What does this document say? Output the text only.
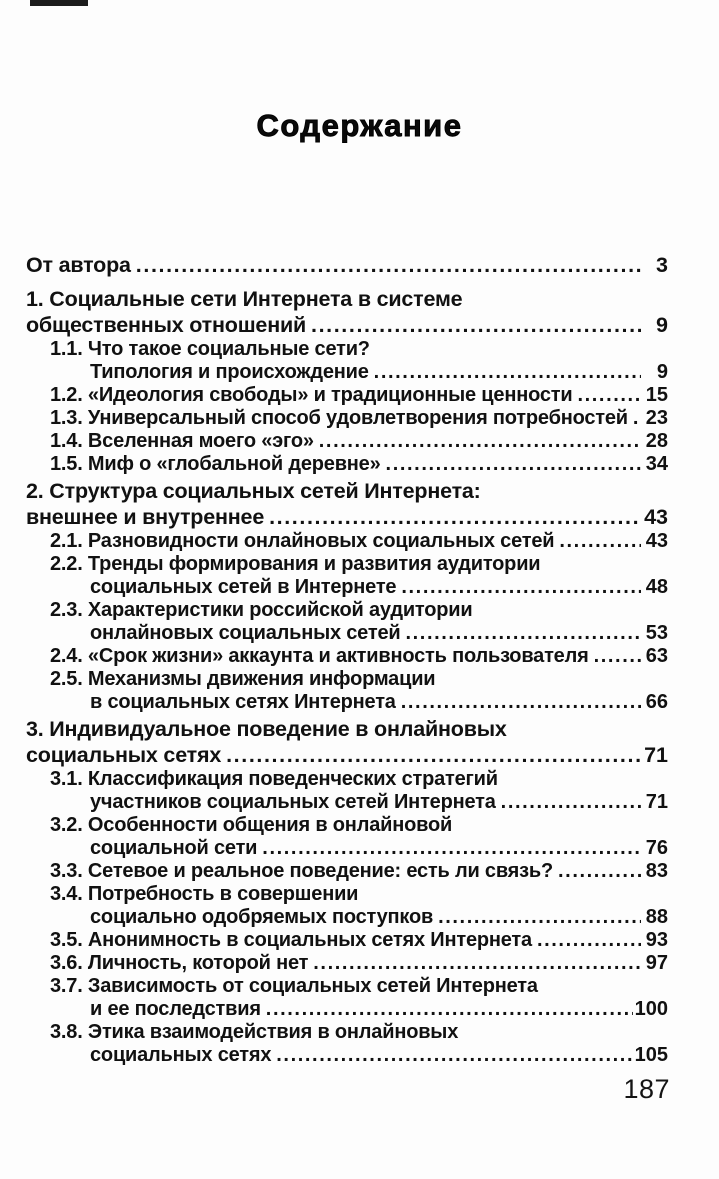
Содержание
От автора .....	3
1. Социальные сети Интернета в системе
общественных отношений .....	9
1.1. Что такое социальные сети?
Типология и происхождение .....	9
1.2. «Идеология свободы» и традиционные ценности .....	15
1.3. Универсальный способ удовлетворения потребностей ..... 23
1.4. Вселенная моего «эго» .....	28
1.5. Миф о «глобальной деревне» .....	34
2. Структура социальных сетей Интернета:
внешнее и внутреннее .....	43
2.1. Разновидности онлайновых социальных сетей .....	43
2.2. Тренды формирования и развития аудитории
социальных сетей в Интернете .....	48
2.3. Характеристики российской аудитории
онлайновых социальных сетей .....	53
2.4. «Срок жизни» аккаунта и активность пользователя .....	63
2.5. Механизмы движения информации
в социальных сетях Интернета .....	66
3. Индивидуальное поведение в онлайновых
социальных сетях .....	71
3.1. Классификация поведенческих стратегий
участников социальных сетей Интернета .....	71
3.2. Особенности общения в онлайновой
социальной сети .....	76
3.3. Сетевое и реальное поведение: есть ли связь? .....	83
3.4. Потребность в совершении
социально одобряемых поступков .....	88
3.5. Анонимность в социальных сетях Интернета .....	93
3.6. Личность, которой нет .....	97
3.7. Зависимость от социальных сетей Интернета
и ее последствия .....	100
3.8. Этика взаимодействия в онлайновых
социальных сетях .....	105
187
